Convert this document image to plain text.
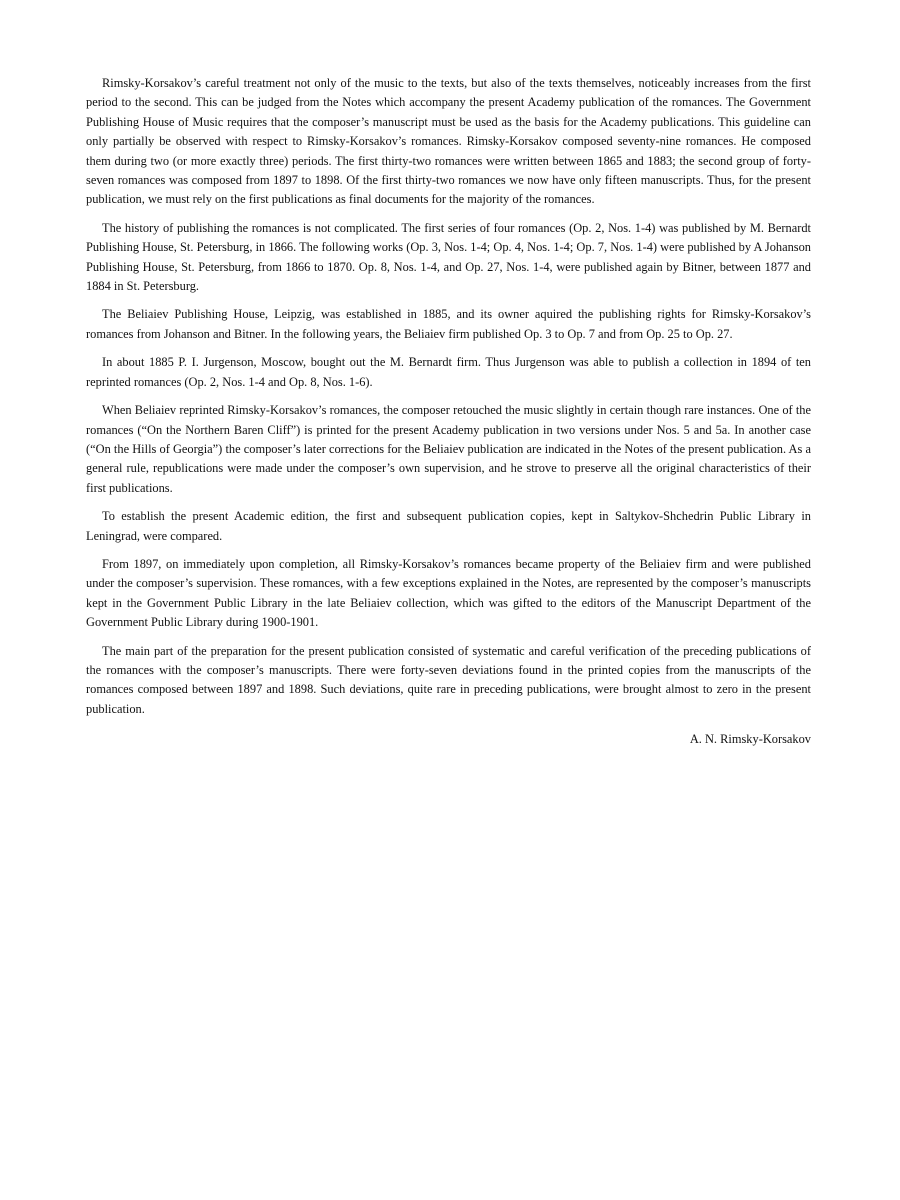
Rimsky-Korsakov’s careful treatment not only of the music to the texts, but also of the texts themselves, noticeably increases from the first period to the second. This can be judged from the Notes which accompany the present Academy publication of the romances. The Government Publishing House of Music requires that the composer’s manuscript must be used as the basis for the Academy publications. This guideline can only partially be observed with respect to Rimsky-Korsakov’s romances. Rimsky-Korsakov composed seventy-nine romances. He composed them during two (or more exactly three) periods. The first thirty-two romances were written between 1865 and 1883; the second group of forty-seven romances was composed from 1897 to 1898. Of the first thirty-two romances we now have only fifteen manuscripts. Thus, for the present publication, we must rely on the first publications as final documents for the majority of the romances.

The history of publishing the romances is not complicated. The first series of four romances (Op. 2, Nos. 1-4) was published by M. Bernardt Publishing House, St. Petersburg, in 1866. The following works (Op. 3, Nos. 1-4; Op. 4, Nos. 1-4; Op. 7, Nos. 1-4) were published by A Johanson Publishing House, St. Petersburg, from 1866 to 1870. Op. 8, Nos. 1-4, and Op. 27, Nos. 1-4, were published again by Bitner, between 1877 and 1884 in St. Petersburg.

The Beliaiev Publishing House, Leipzig, was established in 1885, and its owner aquired the publishing rights for Rimsky-Korsakov’s romances from Johanson and Bitner. In the following years, the Beliaiev firm published Op. 3 to Op. 7 and from Op. 25 to Op. 27.

In about 1885 P. I. Jurgenson, Moscow, bought out the M. Bernardt firm. Thus Jurgenson was able to publish a collection in 1894 of ten reprinted romances (Op. 2, Nos. 1-4 and Op. 8, Nos. 1-6).

When Beliaiev reprinted Rimsky-Korsakov’s romances, the composer retouched the music slightly in certain though rare instances. One of the romances (“On the Northern Baren Cliff”) is printed for the present Academy publication in two versions under Nos. 5 and 5a. In another case (“On the Hills of Georgia”) the composer’s later corrections for the Beliaiev publication are indicated in the Notes of the present publication. As a general rule, republications were made under the composer’s own supervision, and he strove to preserve all the original characteristics of their first publications.

To establish the present Academic edition, the first and subsequent publication copies, kept in Saltykov-Shchedrin Public Library in Leningrad, were compared.

From 1897, on immediately upon completion, all Rimsky-Korsakov’s romances became property of the Beliaiev firm and were published under the composer’s supervision. These romances, with a few exceptions explained in the Notes, are represented by the composer’s manuscripts kept in the Government Public Library in the late Beliaiev collection, which was gifted to the editors of the Manuscript Department of the Government Public Library during 1900-1901.

The main part of the preparation for the present publication consisted of systematic and careful verification of the preceding publications of the romances with the composer’s manuscripts. There were forty-seven deviations found in the printed copies from the manuscripts of the romances composed between 1897 and 1898. Such deviations, quite rare in preceding publications, were brought almost to zero in the present publication.

A. N. Rimsky-Korsakov
